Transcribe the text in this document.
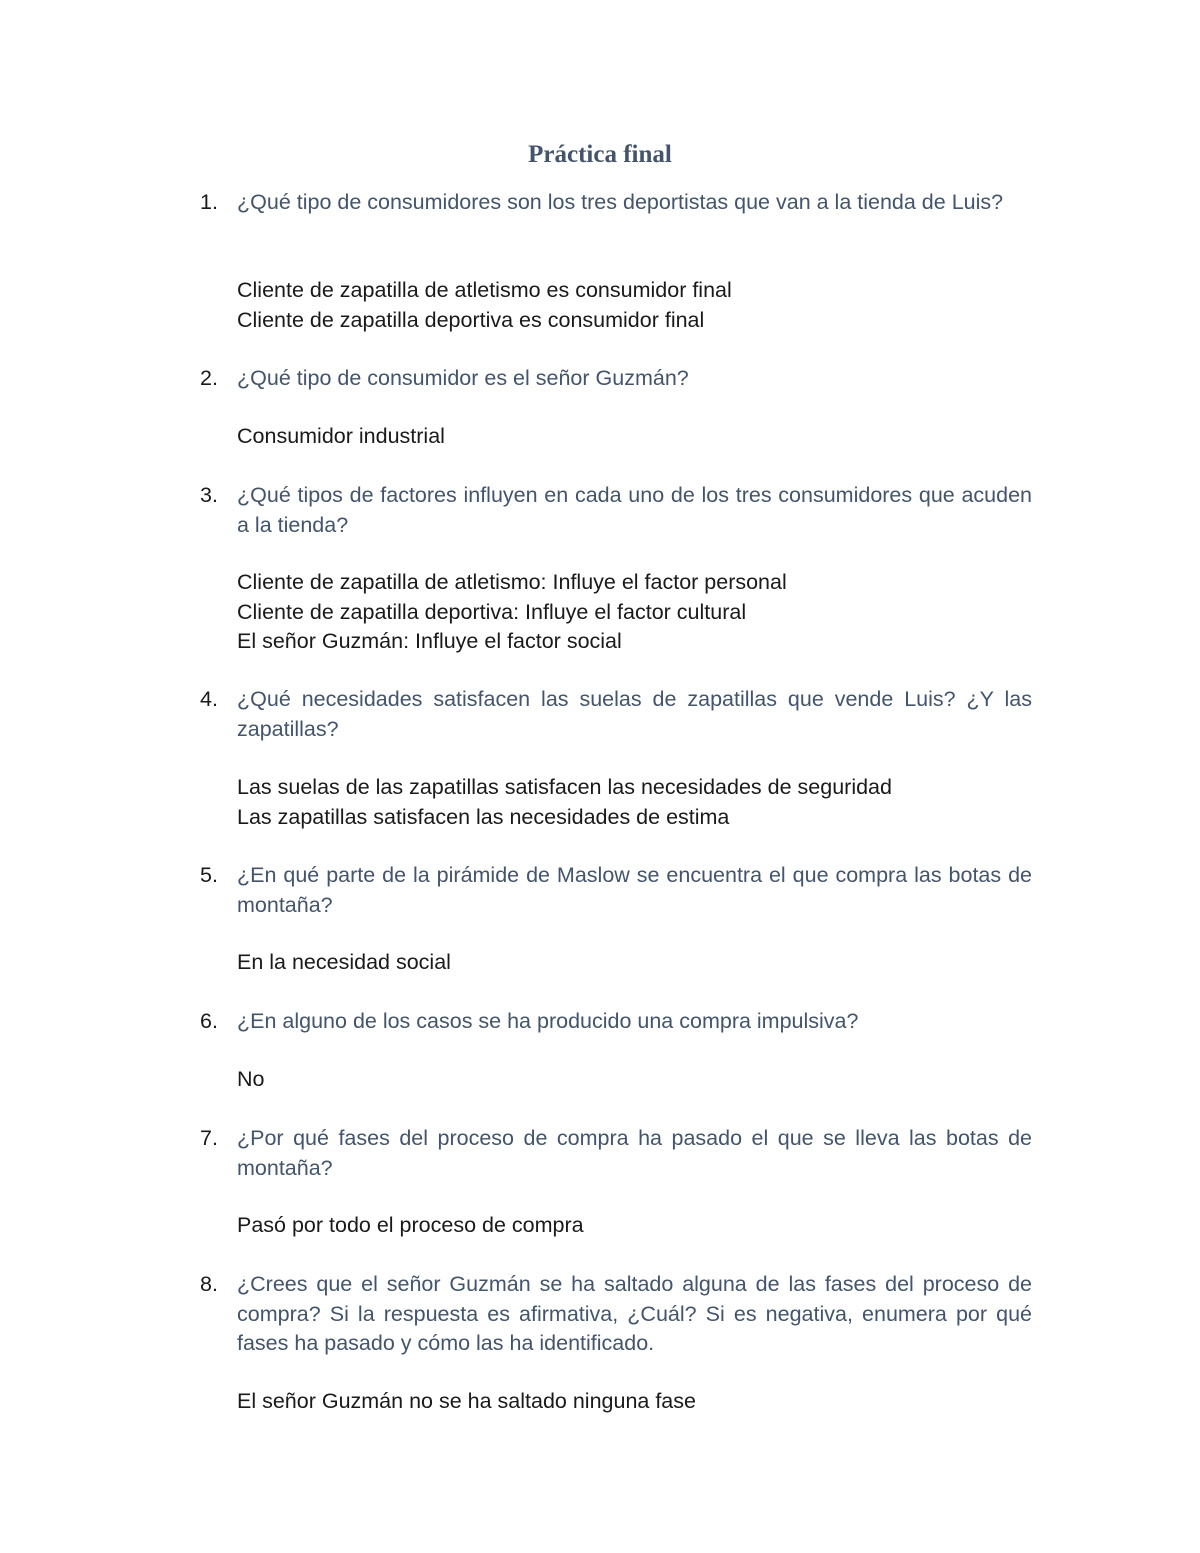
Práctica final
1. ¿Qué tipo de consumidores son los tres deportistas que van a la tienda de Luis?
Cliente de zapatilla de atletismo es consumidor final
Cliente de zapatilla deportiva es consumidor final
2. ¿Qué tipo de consumidor es el señor Guzmán?
Consumidor industrial
3. ¿Qué tipos de factores influyen en cada uno de los tres consumidores que acuden a la tienda?
Cliente de zapatilla de atletismo: Influye el factor personal
Cliente de zapatilla deportiva: Influye el factor cultural
El señor Guzmán: Influye el factor social
4. ¿Qué necesidades satisfacen las suelas de zapatillas que vende Luis? ¿Y las zapatillas?
Las suelas de las zapatillas satisfacen las necesidades de seguridad
Las zapatillas satisfacen las necesidades de estima
5. ¿En qué parte de la pirámide de Maslow se encuentra el que compra las botas de montaña?
En la necesidad social
6. ¿En alguno de los casos se ha producido una compra impulsiva?
No
7. ¿Por qué fases del proceso de compra ha pasado el que se lleva las botas de montaña?
Pasó por todo el proceso de compra
8. ¿Crees que el señor Guzmán se ha saltado alguna de las fases del proceso de compra? Si la respuesta es afirmativa, ¿Cuál? Si es negativa, enumera por qué fases ha pasado y cómo las ha identificado.
El señor Guzmán no se ha saltado ninguna fase
